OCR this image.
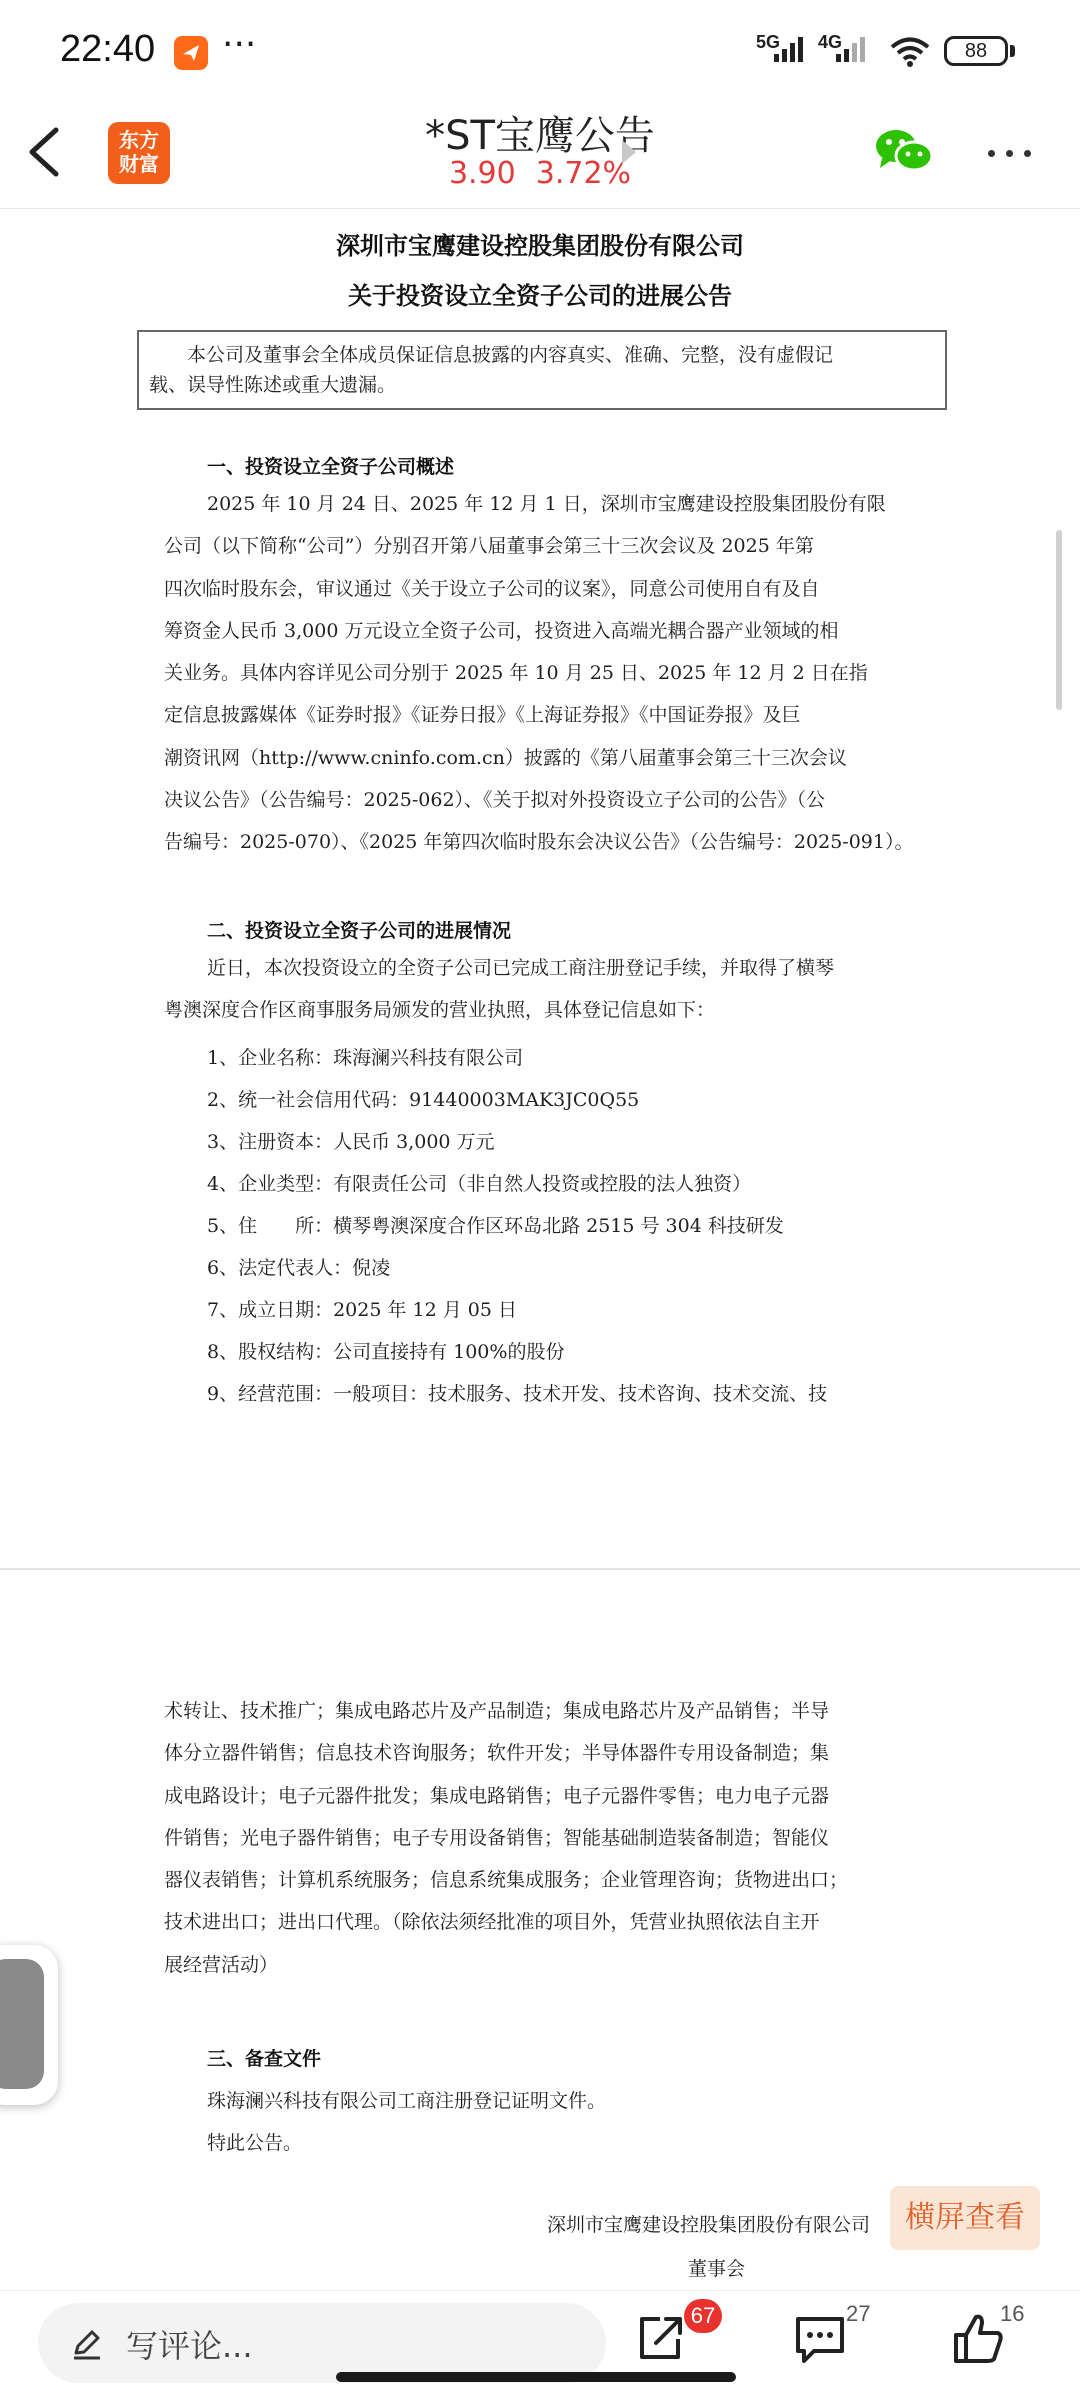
22:40 ···	5G 4G	88
东方
财富
*ST宝鹰公告
3.90 3.72%
深圳市宝鹰建设控股集团股份有限公司
关于投资设立全资子公司的进展公告
本公司及董事会全体成员保证信息披露的内容真实、准确、完整，没有虚假记
载、误导性陈述或重大遗漏。
一、投资设立全资子公司概述
2025 年 10 月 24 日、2025 年 12 月 1 日，深圳市宝鹰建设控股集团股份有限
公司（以下简称“公司”）分别召开第八届董事会第三十三次会议及 2025 年第
四次临时股东会，审议通过《关于设立子公司的议案》，同意公司使用自有及自
筹资金人民币 3,000 万元设立全资子公司，投资进入高端光耦合器产业领域的相
关业务。具体内容详见公司分别于 2025 年 10 月 25 日、2025 年 12 月 2 日在指
定信息披露媒体《证券时报》《证券日报》《上海证券报》《中国证券报》及巨
潮资讯网（http://www.cninfo.com.cn）披露的《第八届董事会第三十三次会议
决议公告》（公告编号：2025-062）、《关于拟对外投资设立子公司的公告》（公
告编号：2025-070）、《2025 年第四次临时股东会决议公告》（公告编号：2025-091）。
二、投资设立全资子公司的进展情况
近日，本次投资设立的全资子公司已完成工商注册登记手续，并取得了横琴
粤澳深度合作区商事服务局颁发的营业执照，具体登记信息如下：
1、企业名称：珠海澜兴科技有限公司
2、统一社会信用代码：91440003MAK3JC0Q55
3、注册资本：人民币 3,000 万元
4、企业类型：有限责任公司（非自然人投资或控股的法人独资）
5、住　　所：横琴粤澳深度合作区环岛北路 2515 号 304 科技研发
6、法定代表人：倪凌
7、成立日期：2025 年 12 月 05 日
8、股权结构：公司直接持有 100%的股份
9、经营范围：一般项目：技术服务、技术开发、技术咨询、技术交流、技
术转让、技术推广；集成电路芯片及产品制造；集成电路芯片及产品销售；半导
体分立器件销售；信息技术咨询服务；软件开发；半导体器件专用设备制造；集
成电路设计；电子元器件批发；集成电路销售；电子元器件零售；电力电子元器
件销售；光电子器件销售；电子专用设备销售；智能基础制造装备制造；智能仪
器仪表销售；计算机系统服务；信息系统集成服务；企业管理咨询；货物进出口；
技术进出口；进出口代理。（除依法须经批准的项目外，凭营业执照依法自主开
展经营活动）
三、备查文件
珠海澜兴科技有限公司工商注册登记证明文件。
特此公告。
深圳市宝鹰建设控股集团股份有限公司
董事会
横屏查看
写评论...
67	27	16
